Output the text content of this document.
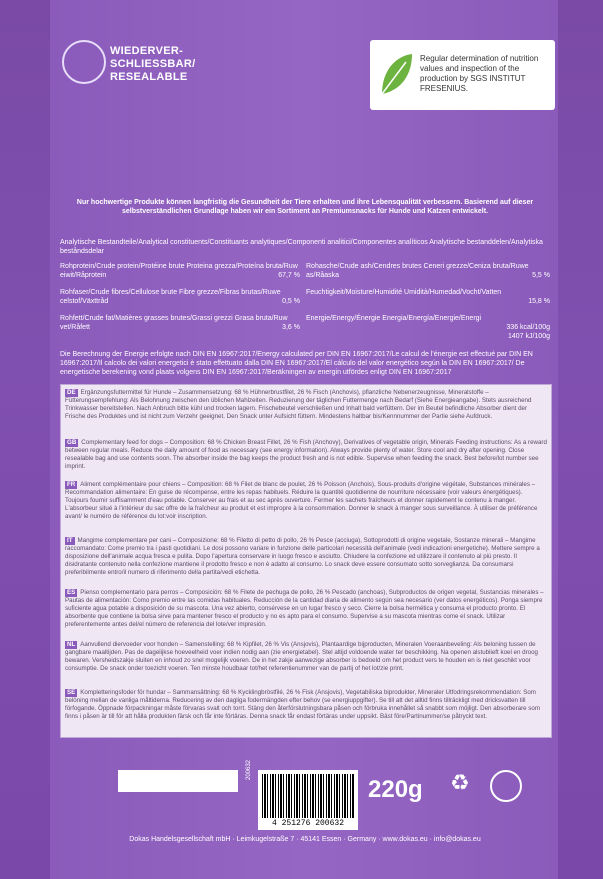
WIEDERVER-
SCHLIESSBAR/
RESEALABLE
Regular determination of nutrition values and inspection of the production by SGS INSTITUT FRESENIUS.
Nur hochwertige Produkte können langfristig die Gesundheit der Tiere erhalten und ihre Lebensqualität verbessern. Basierend auf dieser selbstverständlichen Grundlage haben wir ein Sortiment an Premiumsnacks für Hunde und Katzen entwickelt.
Analytische Bestandteile/Analytical constituents/Constituants analytiques/Componenti analitici/Componentes analíticos Analytische bestanddelen/Analytiska beståndsdelar
Rohprotein/Crude protein/Protéine brute Proteina grezza/Proteína bruta/Ruw eiwit/Råprotein	67,7 %
Rohasche/Crude ash/Cendres brutes Ceneri grezze/Ceniza bruta/Ruwe as/Råaska	5,5 %
Rohfaser/Crude fibres/Cellulose brute Fibre grezze/Fibras brutas/Ruwe celstof/Växttråd	0,5 %
Feuchtigkeit/Moisture/Humidité Umidità/Humedad/Vocht/Vatten
15,8 %
Rohfett/Crude fat/Matières grasses brutes/Grassi grezzi Grasa bruta/Ruw vet/Råfett	3,6 %
Energie/Energy/Énergie Energia/Energía/Energie/Energi
336 kcal/100g 1407 kJ/100g
Die Berechnung der Energie erfolgte nach DIN EN 16967:2017/Energy calculated per DIN EN 16967:2017/Le calcul de l'énergie est effectué par DIN EN 16967:2017/Il calcolo dei valori energetici è stato effettuato dalla DIN EN 16967:2017/El cálculo del valor energético según la DIN EN 16967:2017/ De energetische berekening vond plaats volgens DIN EN 16967:2017/Beräkningen av energin utfördes enligt DIN EN 16967:2017
DE Ergänzungsfuttermittel für Hunde – Zusammensetzung: 68 % Hühnerbrustfilet, 26 % Fisch (Anchovis), pflanzliche Nebenerzeugnisse, Mineralstoffe – Fütterungsempfehlung: Als Belohnung zwischen den üblichen Mahlzeiten. Reduzierung der täglichen Futtermenge nach Bedarf (Siehe Energieangabe). Stets ausreichend Trinkwasser bereitstellen. Nach Anbruch bitte kühl und trocken lagern. Frischebeutel verschließen und Inhalt bald verfüttern. Der im Beutel befindliche Absorber dient der Frische des Produktes und ist nicht zum Verzehr geeignet. Den Snack unter Aufsicht füttern. Mindestens haltbar bis/Kennnummer der Partie siehe Aufdruck.
GB Complementary feed for dogs – Composition: 68 % Chicken Breast Fillet, 26 % Fish (Anchovy), Derivatives of vegetable origin, Minerals Feeding instructions: As a reward between regular meals. Reduce the daily amount of food as necessary (see energy information). Always provide plenty of water. Store cool and dry after opening. Close resealable bag and use contents soon. The absorber inside the bag keeps the product fresh and is not edible. Supervise when feeding the snack. Best before/lot number see imprint.
FR Aliment complémentaire pour chiens – Composition: 68 % Filet de blanc de poulet, 26 % Poisson (Anchois), Sous-produits d'origine végétale, Substances minérales – Recommandation alimentaire: En guise de récompense, entre les repas habituels. Réduire la quantité quotidienne de nourriture nécessaire (voir valeurs énergétiques). Toujours fournir suffisamment d'eau potable. Conserver au frais et au sec après ouverture. Fermer les sachets fraîcheurs et donner rapidement le contenu à manger. L'absorbeur situé à l'intérieur du sac offre de la fraîcheur au produit et est impropre à la consommation. Donner le snack à manger sous surveillance. À utiliser de préférence avant/ le numéro de référence du lot:voir inscription.
IT Mangime complementare per cani – Composizione: 68 % Filetto di petto di pollo, 26 % Pesce (acciuga), Sottoprodotti di origine vegetale, Sostanze minerali – Mangime raccomandato: Come premio tra i pasti quotidiani. Le dosi possono variare in funzione delle particolari necessità dell'animale (vedi indicazioni energetiche). Mettere sempre a disposizione dell'animale acqua fresca e pulita. Dopo l'apertura conservare in luogo fresco e asciutto. Chiudere la confezione ed utilizzare il contenuto al più presto. Il disidratante contenuto nella confezione mantiene il prodotto fresco e non è adatto al consumo. Lo snack deve essere consumato sotto sorveglianza. Da consumarsi preferibilmente entro/il numero di riferimento della partita/vedi etichetta.
ES Pienso complementario para perros – Composición: 68 % Filete de pechuga de pollo, 26 % Pescado (anchoas), Subproductos de origen vegetal, Sustancias minerales – Pautas de alimentación: Como premio entre las comidas habituales. Reducción de la cantidad diaria de alimento según sea necesario (ver datos energéticos). Ponga siempre suficiente agua potable a disposición de su mascota. Una vez abierto, consérvese en un lugar fresco y seco. Cierre la bolsa hermética y consuma el producto pronto. El absorbente que contiene la bolsa sirve para mantener fresco el producto y no es apto para el consumo. Supervise a su mascota mientras come el snack. Utilizar preferentemente antes del/el número de referencia del lote/ver impresión.
NL Aanvullend diervoeder voor honden – Samenstelling: 68 % Kipfilet, 26 % Vis (Ansjovis), Plantaardige bijproducten, Mineralen Voeraanbeveling: Als beloning tussen de gangbare maaltijden. Pas de dagelijkse hoeveelheid voer indien nodig aan (zie energietabel). Stel altijd voldoende water ter beschikking. Na openen alstublieft koel en droog bewaren. Versheidszakje sluiten en inhoud zo snel mogelijk voeren. De in het zakje aanwezige absorber is bedoeld om het product vers te houden en is niet geschikt voor consumptie. De snack onder toezicht voeren. Ten minste houdbaar tot/het referentienummer van de partij of het lot/zie print.
SE Kompletteringsfoder för hundar – Sammansättning: 68 % Kycklingbröstfilé, 26 % Fisk (Ansjovis), Vegetabiliska biprodukter, Mineraler Utfodringsrekommendation: Som belöning mellan de vanliga måltiderna. Reducering av den dagliga fodermängden efter behov (se energiuppgifter). Se till att det alltid finns tillräckligt med dricksvatten till förfogande. Öppnade förpackningar måste förvaras svalt och torrt. Stäng den återförslutningsbara påsen och förbruka innehållet så snabbt som möjligt. Den absorberare som finns i påsen är till för att hålla produkten färsk och får inte förtäras. Denna snack får endast förtäras under uppsikt. Bäst före/Partinummer/se påtryckt text.
200632
4 251276 200632
220g ♻
Dokas Handelsgesellschaft mbH · Leimkugelstraße 7 · 45141 Essen · Germany · www.dokas.eu · info@dokas.eu
